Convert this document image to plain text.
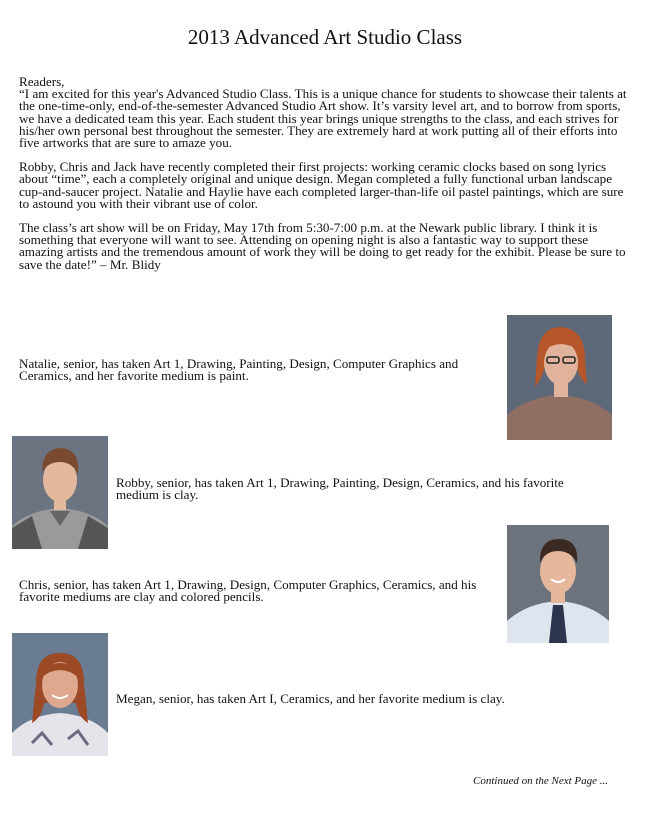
2013 Advanced Art Studio Class

Readers,

“I am excited for this year's Advanced Studio Class. This is a unique chance for students to showcase their talents at the one-time-only, end-of-the-semester Advanced Studio Art show. It’s varsity level art, and to borrow from sports, we have a dedicated team this year. Each student this year brings unique strengths to the class, and each strives for his/her own personal best throughout the semester. They are extremely hard at work putting all of their efforts into five artworks that are sure to amaze you.

Robby, Chris and Jack have recently completed their first projects: working ceramic clocks based on song lyrics about “time”, each a completely original and unique design. Megan completed a fully functional urban landscape cup-and-saucer project. Natalie and Haylie have each completed larger-than-life oil pastel paintings, which are sure to astound you with their vibrant use of color.

The class’s art show will be on Friday, May 17th from 5:30-7:00 p.m. at the Newark public library. I think it is something that everyone will want to see. Attending on opening night is also a fantastic way to support these amazing artists and the tremendous amount of work they will be doing to get ready for the exhibit. Please be sure to save the date!” – Mr. Blidy

Natalie, senior, has taken Art 1, Drawing, Painting, Design, Computer Graphics and Ceramics, and her favorite medium is paint.
Robby, senior, has taken Art 1, Drawing, Painting, Design, Ceramics, and his favorite medium is clay.
Chris, senior, has taken Art 1, Drawing, Design, Computer Graphics, Ceramics, and his favorite mediums are clay and colored pencils.
Megan, senior, has taken Art I, Ceramics, and her favorite medium is clay.
Continued on the Next Page ...
